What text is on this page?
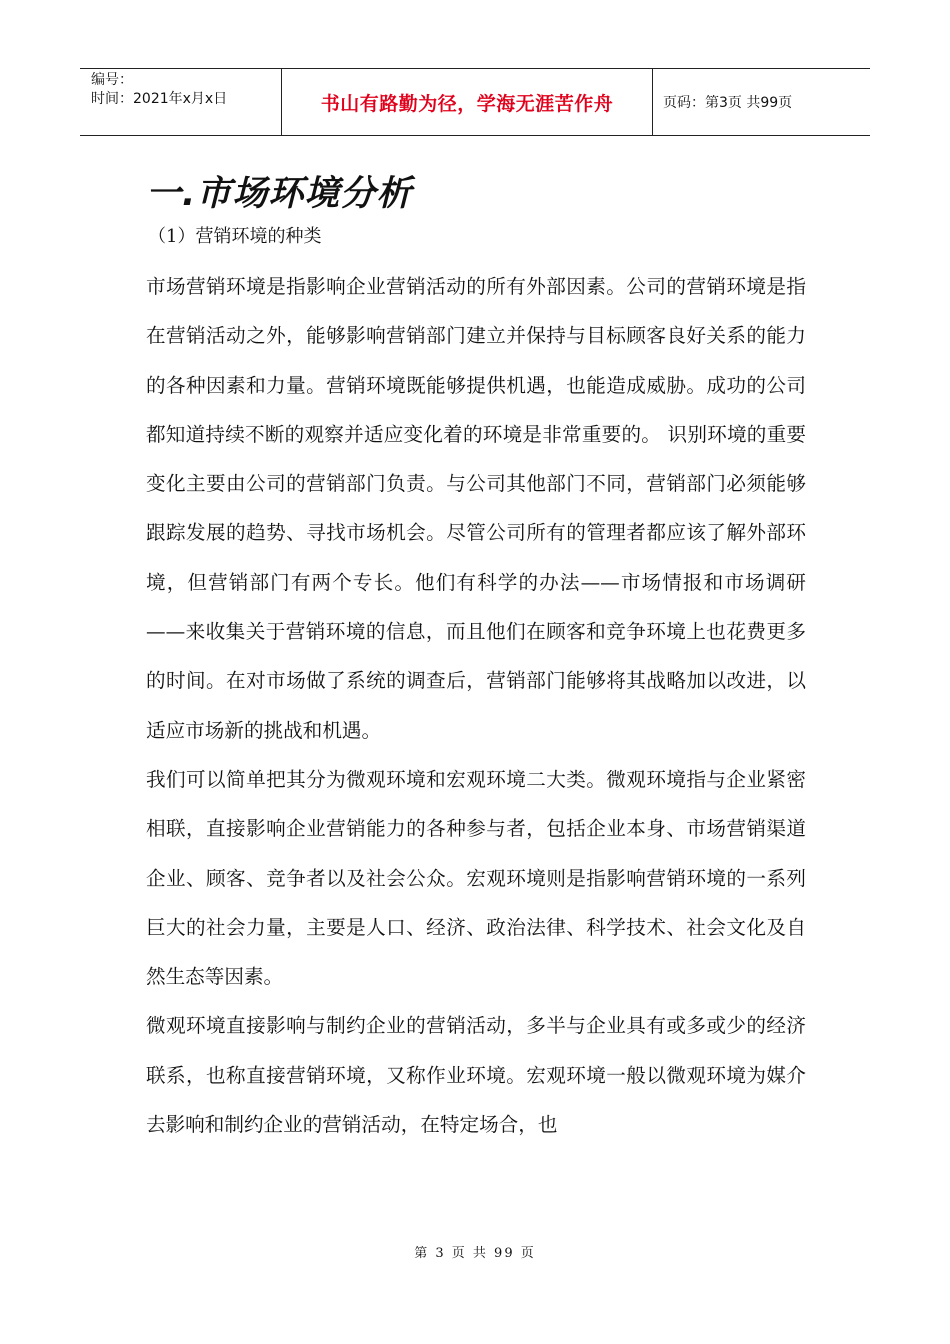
编号：
时间：2021年x月x日	书山有路勤为径，学海无涯苦作舟	页码：第3页 共99页
一.市场环境分析
（1）营销环境的种类

市场营销环境是指影响企业营销活动的所有外部因素。公司的营销环境是指在营销活动之外，能够影响营销部门建立并保持与目标顾客良好关系的能力的各种因素和力量。营销环境既能够提供机遇，也能造成威胁。成功的公司都知道持续不断的观察并适应变化着的环境是非常重要的。 识别环境的重要变化主要由公司的营销部门负责。与公司其他部门不同，营销部门必须能够跟踪发展的趋势、寻找市场机会。尽管公司所有的管理者都应该了解外部环境，但营销部门有两个专长。他们有科学的办法——市场情报和市场调研——来收集关于营销环境的信息，而且他们在顾客和竞争环境上也花费更多的时间。在对市场做了系统的调查后，营销部门能够将其战略加以改进，以适应市场新的挑战和机遇。

我们可以简单把其分为微观环境和宏观环境二大类。微观环境指与企业紧密相联，直接影响企业营销能力的各种参与者，包括企业本身、市场营销渠道企业、顾客、竞争者以及社会公众。宏观环境则是指影响营销环境的一系列巨大的社会力量，主要是人口、经济、政治法律、科学技术、社会文化及自然生态等因素。

微观环境直接影响与制约企业的营销活动，多半与企业具有或多或少的经济联系，也称直接营销环境，又称作业环境。宏观环境一般以微观环境为媒介去影响和制约企业的营销活动，在特定场合，也

第 3 页 共 99 页
